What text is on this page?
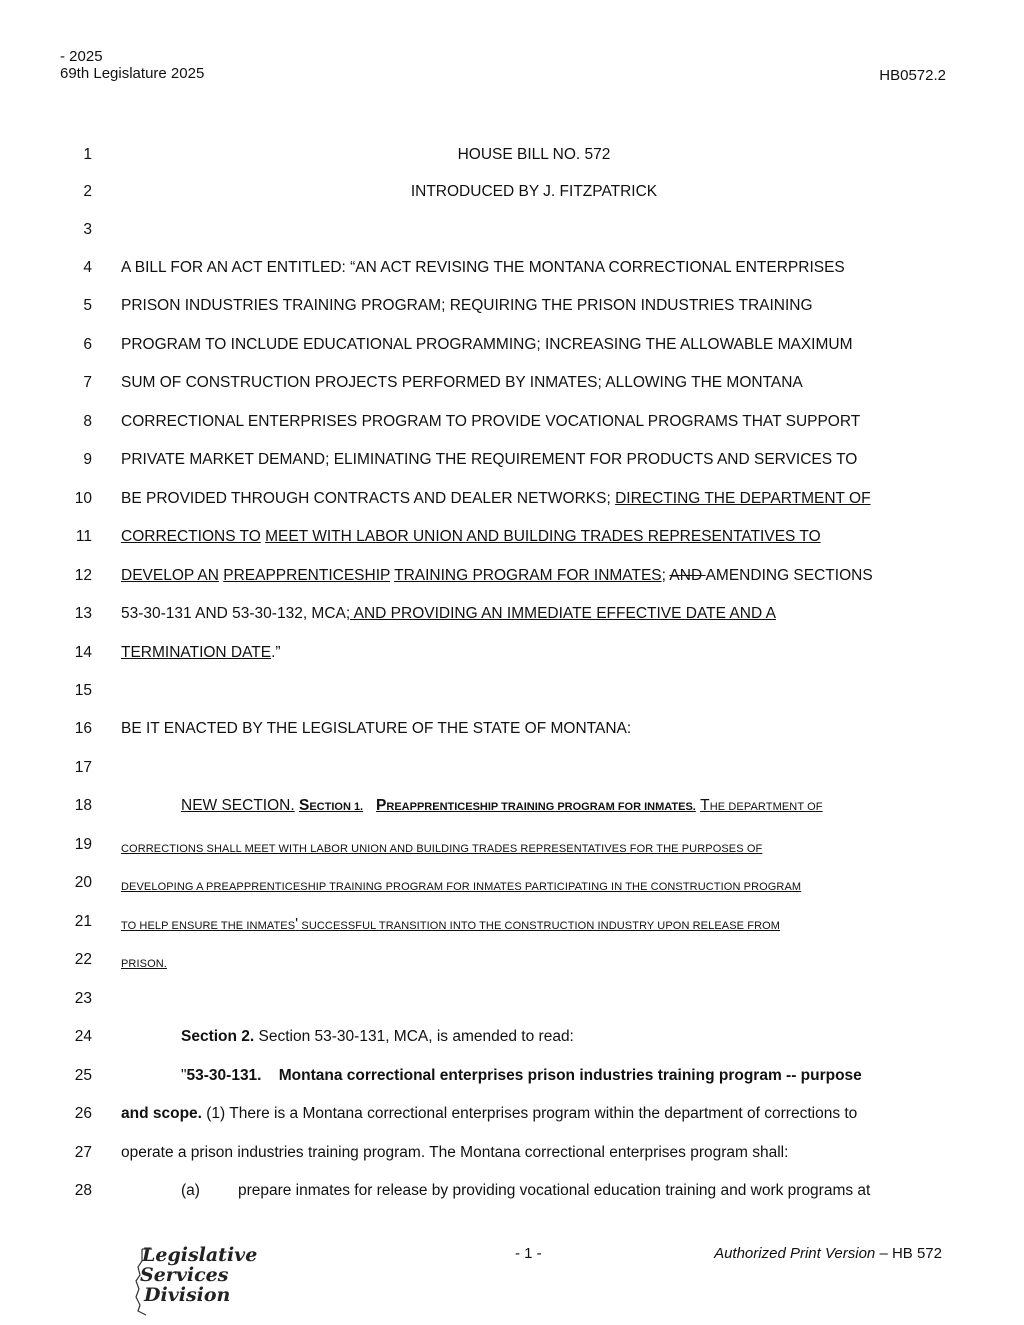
- 2025
69th Legislature 2025	HB0572.2
1
2
3
4
5
6
7
8
9
10
11
12
13
14
15
16
17
18
19
20
21
22
23
24
25
26
27
28
HOUSE BILL NO. 572
INTRODUCED BY J. FITZPATRICK
A BILL FOR AN ACT ENTITLED: “AN ACT REVISING THE MONTANA CORRECTIONAL ENTERPRISES
PRISON INDUSTRIES TRAINING PROGRAM; REQUIRING THE PRISON INDUSTRIES TRAINING
PROGRAM TO INCLUDE EDUCATIONAL PROGRAMMING; INCREASING THE ALLOWABLE MAXIMUM
SUM OF CONSTRUCTION PROJECTS PERFORMED BY INMATES; ALLOWING THE MONTANA
CORRECTIONAL ENTERPRISES PROGRAM TO PROVIDE VOCATIONAL PROGRAMS THAT SUPPORT
PRIVATE MARKET DEMAND; ELIMINATING THE REQUIREMENT FOR PRODUCTS AND SERVICES TO
BE PROVIDED THROUGH CONTRACTS AND DEALER NETWORKS; DIRECTING THE DEPARTMENT OF
CORRECTIONS TO MEET WITH LABOR UNION AND BUILDING TRADES REPRESENTATIVES TO
DEVELOP AN PREAPPRENTICESHIP TRAINING PROGRAM FOR INMATES; AND AMENDING SECTIONS
53-30-131 AND 53-30-132, MCA; AND PROVIDING AN IMMEDIATE EFFECTIVE DATE AND A
TERMINATION DATE.”
BE IT ENACTED BY THE LEGISLATURE OF THE STATE OF MONTANA:
NEW SECTION. SECTION 1. PREAPPRENTICESHIP TRAINING PROGRAM FOR INMATES. THE DEPARTMENT OF
CORRECTIONS SHALL MEET WITH LABOR UNION AND BUILDING TRADES REPRESENTATIVES FOR THE PURPOSES OF
DEVELOPING A PREAPPRENTICESHIP TRAINING PROGRAM FOR INMATES PARTICIPATING IN THE CONSTRUCTION PROGRAM
TO HELP ENSURE THE INMATES' SUCCESSFUL TRANSITION INTO THE CONSTRUCTION INDUSTRY UPON RELEASE FROM
PRISON.
Section 2. Section 53-30-131, MCA, is amended to read:
"53-30-131. Montana correctional enterprises prison industries training program -- purpose
and scope. (1) There is a Montana correctional enterprises program within the department of corrections to
operate a prison industries training program. The Montana correctional enterprises program shall:
(a) prepare inmates for release by providing vocational education training and work programs at
Legislative
Services
Division
- 1 -	Authorized Print Version – HB 572
